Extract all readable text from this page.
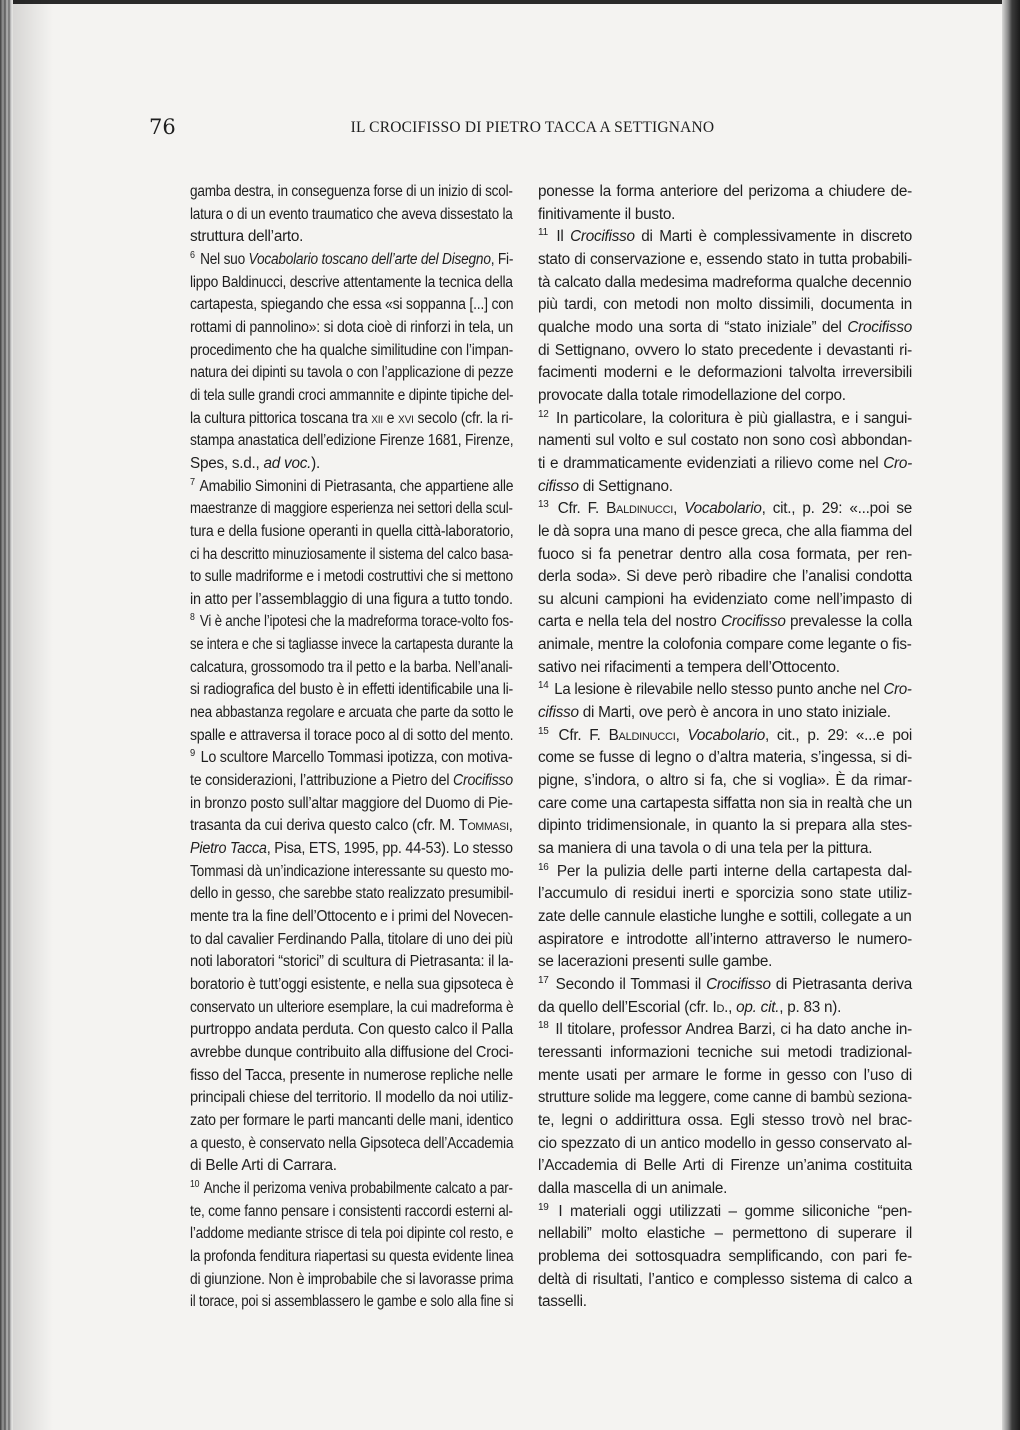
76	IL CROCIFISSO DI PIETRO TACCA A SETTIGNANO
gamba destra, in conseguenza forse di un inizio di scol-
latura o di un evento traumatico che aveva dissestato la
struttura dell’arto.
$^6$ Nel suo Vocabolario toscano dell’arte del Disegno, Fi-
lippo Baldinucci, descrive attentamente la tecnica della
cartapesta, spiegando che essa «si soppanna [...] con
rottami di pannolino»: si dota cioè di rinforzi in tela, un
procedimento che ha qualche similitudine con l’impan-
natura dei dipinti su tavola o con l’applicazione di pezze
di tela sulle grandi croci ammannite e dipinte tipiche del-
la cultura pittorica toscana tra xii e xvi secolo (cfr. la ri-
stampa anastatica dell’edizione Firenze 1681, Firenze,
Spes, s.d., ad voc.).
$^7$ Amabilio Simonini di Pietrasanta, che appartiene alle
maestranze di maggiore esperienza nei settori della scul-
tura e della fusione operanti in quella città-laboratorio,
ci ha descritto minuziosamente il sistema del calco basa-
to sulle madriforme e i metodi costruttivi che si mettono
in atto per l’assemblaggio di una figura a tutto tondo.
$^8$ Vi è anche l’ipotesi che la madreforma torace-volto fos-
se intera e che si tagliasse invece la cartapesta durante la
calcatura, grossomodo tra il petto e la barba. Nell’anali-
si radiografica del busto è in effetti identificabile una li-
nea abbastanza regolare e arcuata che parte da sotto le
spalle e attraversa il torace poco al di sotto del mento.
$^9$ Lo scultore Marcello Tommasi ipotizza, con motiva-
te considerazioni, l’attribuzione a Pietro del Crocifisso
in bronzo posto sull’altar maggiore del Duomo di Pie-
trasanta da cui deriva questo calco (cfr. M. Tommasi,
Pietro Tacca, Pisa, ETS, 1995, pp. 44-53). Lo stesso
Tommasi dà un’indicazione interessante su questo mo-
dello in gesso, che sarebbe stato realizzato presumibil-
mente tra la fine dell’Ottocento e i primi del Novecen-
to dal cavalier Ferdinando Palla, titolare di uno dei più
noti laboratori “storici” di scultura di Pietrasanta: il la-
boratorio è tutt’oggi esistente, e nella sua gipsoteca è
conservato un ulteriore esemplare, la cui madreforma è
purtroppo andata perduta. Con questo calco il Palla
avrebbe dunque contribuito alla diffusione del Croci-
fisso del Tacca, presente in numerose repliche nelle
principali chiese del territorio. Il modello da noi utiliz-
zato per formare le parti mancanti delle mani, identico
a questo, è conservato nella Gipsoteca dell’Accademia
di Belle Arti di Carrara.
$^{10}$ Anche il perizoma veniva probabilmente calcato a par-
te, come fanno pensare i consistenti raccordi esterni al-
l’addome mediante strisce di tela poi dipinte col resto, e
la profonda fenditura riapertasi su questa evidente linea
di giunzione. Non è improbabile che si lavorasse prima
il torace, poi si assemblassero le gambe e solo alla fine si
ponesse la forma anteriore del perizoma a chiudere de-
finitivamente il busto.
$^{11}$ Il Crocifisso di Marti è complessivamente in discreto
stato di conservazione e, essendo stato in tutta probabili-
tà calcato dalla medesima madreforma qualche decennio
più tardi, con metodi non molto dissimili, documenta in
qualche modo una sorta di “stato iniziale” del Crocifisso
di Settignano, ovvero lo stato precedente i devastanti ri-
facimenti moderni e le deformazioni talvolta irreversibili
provocate dalla totale rimodellazione del corpo.
$^{12}$ In particolare, la coloritura è più giallastra, e i sangui-
namenti sul volto e sul costato non sono così abbondan-
ti e drammaticamente evidenziati a rilievo come nel Cro-
cifisso di Settignano.
$^{13}$ Cfr. F. Baldinucci, Vocabolario, cit., p. 29: «...poi se
le dà sopra una mano di pesce greca, che alla fiamma del
fuoco si fa penetrar dentro alla cosa formata, per ren-
derla soda». Si deve però ribadire che l’analisi condotta
su alcuni campioni ha evidenziato come nell’impasto di
carta e nella tela del nostro Crocifisso prevalesse la colla
animale, mentre la colofonia compare come legante o fis-
sativo nei rifacimenti a tempera dell’Ottocento.
$^{14}$ La lesione è rilevabile nello stesso punto anche nel Cro-
cifisso di Marti, ove però è ancora in uno stato iniziale.
$^{15}$ Cfr. F. Baldinucci, Vocabolario, cit., p. 29: «...e poi
come se fusse di legno o d’altra materia, s’ingessa, si di-
pigne, s’indora, o altro si fa, che si voglia». È da rimar-
care come una cartapesta siffatta non sia in realtà che un
dipinto tridimensionale, in quanto la si prepara alla stes-
sa maniera di una tavola o di una tela per la pittura.
$^{16}$ Per la pulizia delle parti interne della cartapesta dal-
l’accumulo di residui inerti e sporcizia sono state utiliz-
zate delle cannule elastiche lunghe e sottili, collegate a un
aspiratore e introdotte all’interno attraverso le numero-
se lacerazioni presenti sulle gambe.
$^{17}$ Secondo il Tommasi il Crocifisso di Pietrasanta deriva
da quello dell’Escorial (cfr. Id., op. cit., p. 83 n).
$^{18}$ Il titolare, professor Andrea Barzi, ci ha dato anche in-
teressanti informazioni tecniche sui metodi tradizional-
mente usati per armare le forme in gesso con l’uso di
strutture solide ma leggere, come canne di bambù seziona-
te, legni o addirittura ossa. Egli stesso trovò nel brac-
cio spezzato di un antico modello in gesso conservato al-
l’Accademia di Belle Arti di Firenze un’anima costituita
dalla mascella di un animale.
$^{19}$ I materiali oggi utilizzati – gomme siliconiche “pen-
nellabili” molto elastiche – permettono di superare il
problema dei sottosquadra semplificando, con pari fe-
deltà di risultati, l’antico e complesso sistema di calco a
tasselli.
